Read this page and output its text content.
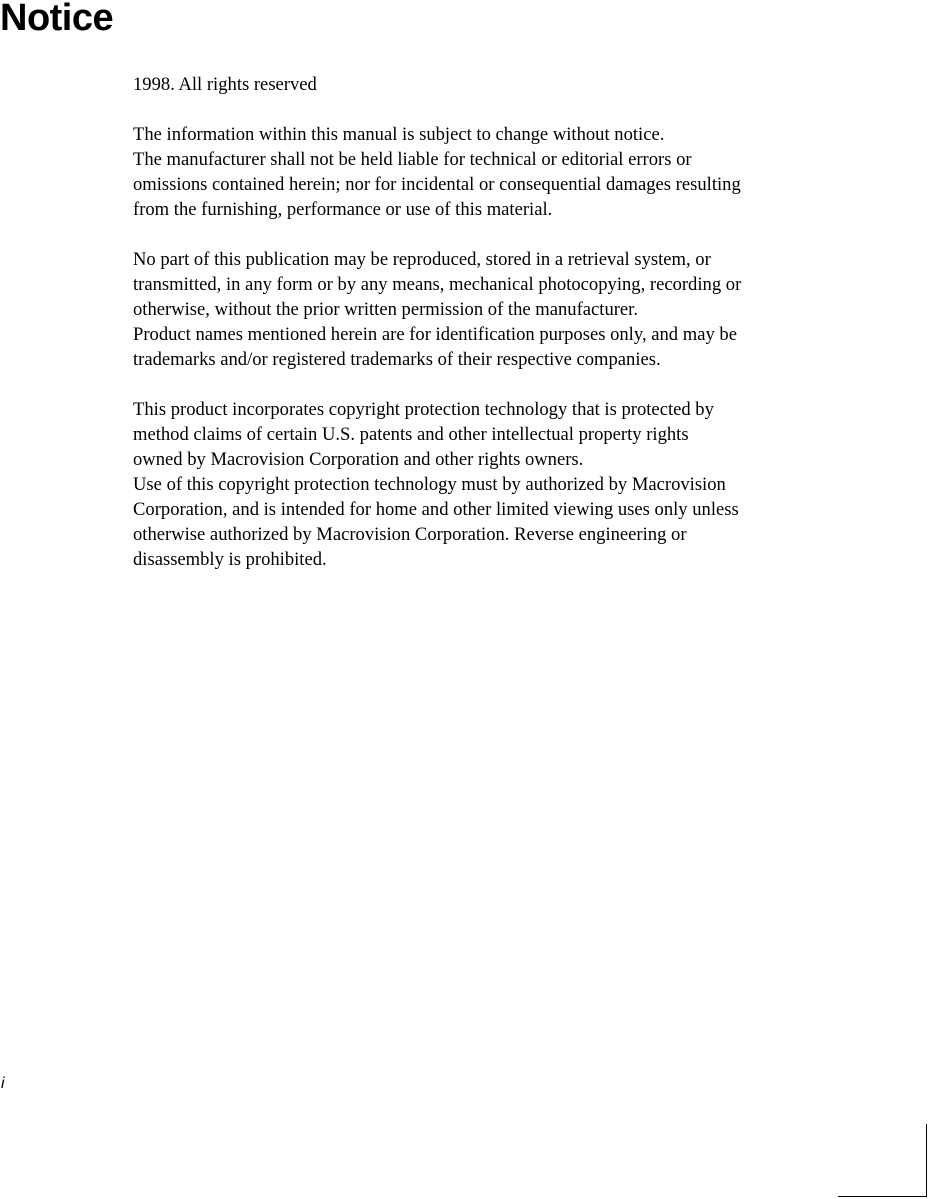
Notice

1998. All rights reserved

The information within this manual is subject to change without notice.
The manufacturer shall not be held liable for technical or editorial errors or
omissions contained herein; nor for incidental or consequential damages resulting
from the furnishing, performance or use of this material.

No part of this publication may be reproduced, stored in a retrieval system, or
transmitted, in any form or by any means, mechanical photocopying, recording or
otherwise, without the prior written permission of the manufacturer.
Product names mentioned herein are for identification purposes only, and may be
trademarks and/or registered trademarks of their respective companies.

This product incorporates copyright protection technology that is protected by
method claims of certain U.S. patents and other intellectual property rights
owned by Macrovision Corporation and other rights owners.
Use of this copyright protection technology must by authorized by Macrovision
Corporation, and is intended for home and other limited viewing uses only unless
otherwise authorized by Macrovision Corporation. Reverse engineering or
disassembly is prohibited.

i
